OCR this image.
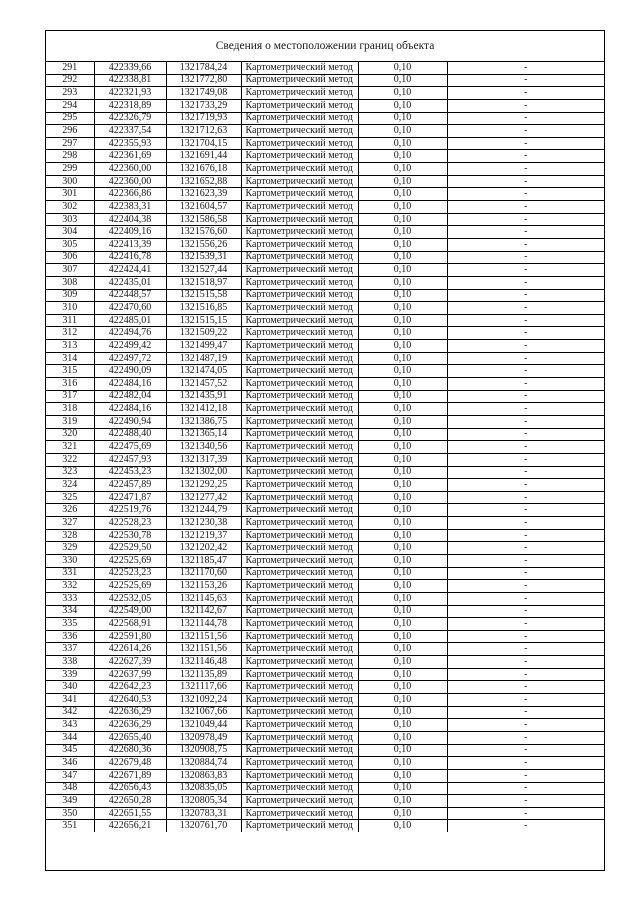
Сведения о местоположении границ объекта
291	422339,66	1321784,24	Картометрический метод	0,10	-
292	422338,81	1321772,80	Картометрический метод	0,10	-
293	422321,93	1321749,08	Картометрический метод	0,10	-
294	422318,89	1321733,29	Картометрический метод	0,10	-
295	422326,79	1321719,93	Картометрический метод	0,10	-
296	422337,54	1321712,63	Картометрический метод	0,10	-
297	422355,93	1321704,15	Картометрический метод	0,10	-
298	422361,69	1321691,44	Картометрический метод	0,10	-
299	422360,00	1321676,18	Картометрический метод	0,10	-
300	422360,00	1321652,88	Картометрический метод	0,10	-
301	422366,86	1321623,39	Картометрический метод	0,10	-
302	422383,31	1321604,57	Картометрический метод	0,10	-
303	422404,38	1321586,58	Картометрический метод	0,10	-
304	422409,16	1321576,60	Картометрический метод	0,10	-
305	422413,39	1321556,26	Картометрический метод	0,10	-
306	422416,78	1321539,31	Картометрический метод	0,10	-
307	422424,41	1321527,44	Картометрический метод	0,10	-
308	422435,01	1321518,97	Картометрический метод	0,10	-
309	422448,57	1321515,58	Картометрический метод	0,10	-
310	422470,60	1321516,85	Картометрический метод	0,10	-
311	422485,01	1321515,15	Картометрический метод	0,10	-
312	422494,76	1321509,22	Картометрический метод	0,10	-
313	422499,42	1321499,47	Картометрический метод	0,10	-
314	422497,72	1321487,19	Картометрический метод	0,10	-
315	422490,09	1321474,05	Картометрический метод	0,10	-
316	422484,16	1321457,52	Картометрический метод	0,10	-
317	422482,04	1321435,91	Картометрический метод	0,10	-
318	422484,16	1321412,18	Картометрический метод	0,10	-
319	422490,94	1321386,75	Картометрический метод	0,10	-
320	422488,40	1321365,14	Картометрический метод	0,10	-
321	422475,69	1321340,56	Картометрический метод	0,10	-
322	422457,93	1321317,39	Картометрический метод	0,10	-
323	422453,23	1321302,00	Картометрический метод	0,10	-
324	422457,89	1321292,25	Картометрический метод	0,10	-
325	422471,87	1321277,42	Картометрический метод	0,10	-
326	422519,76	1321244,79	Картометрический метод	0,10	-
327	422528,23	1321230,38	Картометрический метод	0,10	-
328	422530,78	1321219,37	Картометрический метод	0,10	-
329	422529,50	1321202,42	Картометрический метод	0,10	-
330	422525,69	1321185,47	Картометрический метод	0,10	-
331	422523,23	1321170,60	Картометрический метод	0,10	-
332	422525,69	1321153,26	Картометрический метод	0,10	-
333	422532,05	1321145,63	Картометрический метод	0,10	-
334	422549,00	1321142,67	Картометрический метод	0,10	-
335	422568,91	1321144,78	Картометрический метод	0,10	-
336	422591,80	1321151,56	Картометрический метод	0,10	-
337	422614,26	1321151,56	Картометрический метод	0,10	-
338	422627,39	1321146,48	Картометрический метод	0,10	-
339	422637,99	1321135,89	Картометрический метод	0,10	-
340	422642,23	1321117,66	Картометрический метод	0,10	-
341	422640,53	1321092,24	Картометрический метод	0,10	-
342	422636,29	1321067,66	Картометрический метод	0,10	-
343	422636,29	1321049,44	Картометрический метод	0,10	-
344	422655,40	1320978,49	Картометрический метод	0,10	-
345	422680,36	1320908,75	Картометрический метод	0,10	-
346	422679,48	1320884,74	Картометрический метод	0,10	-
347	422671,89	1320863,83	Картометрический метод	0,10	-
348	422656,43	1320835,05	Картометрический метод	0,10	-
349	422650,28	1320805,34	Картометрический метод	0,10	-
350	422651,55	1320783,31	Картометрический метод	0,10	-
351	422656,21	1320761,70	Картометрический метод	0,10	-
